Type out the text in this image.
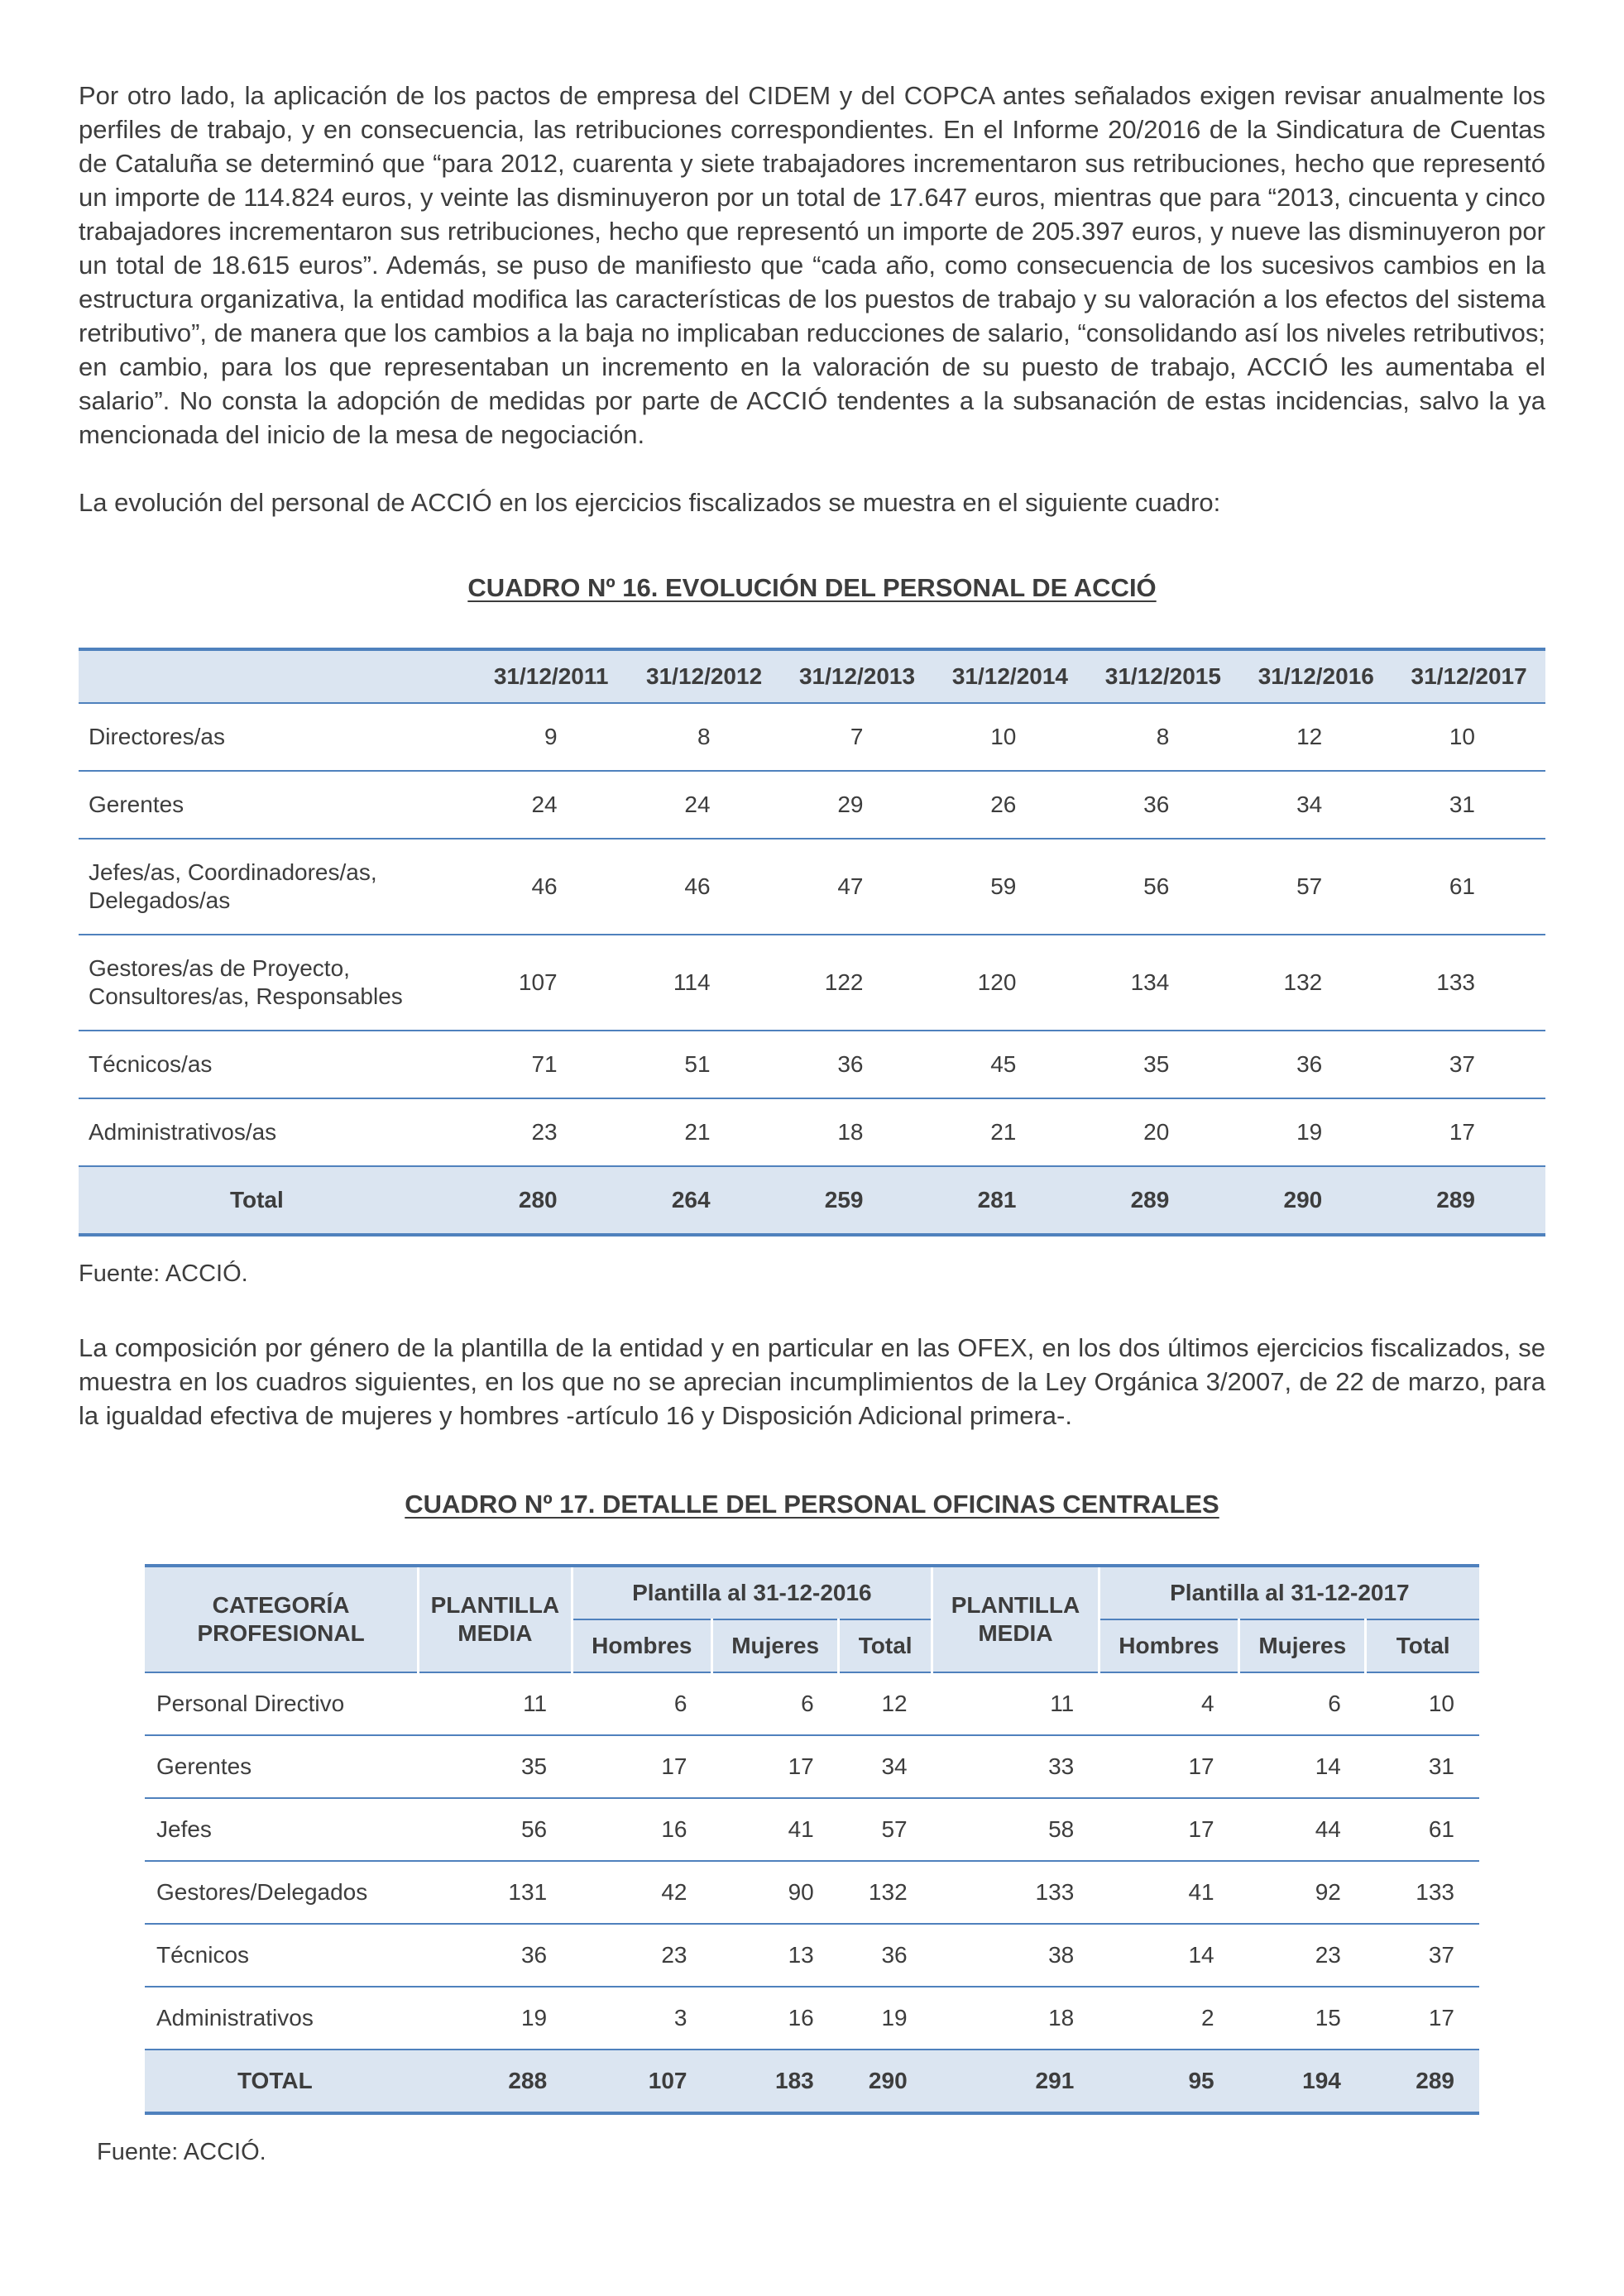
Por otro lado, la aplicación de los pactos de empresa del CIDEM y del COPCA antes señalados exigen revisar anualmente los perfiles de trabajo, y en consecuencia, las retribuciones correspondientes. En el Informe 20/2016 de la Sindicatura de Cuentas de Cataluña se determinó que “para 2012, cuarenta y siete trabajadores incrementaron sus retribuciones, hecho que representó un importe de 114.824 euros, y veinte las disminuyeron por un total de 17.647 euros, mientras que para “2013, cincuenta y cinco trabajadores incrementaron sus retribuciones, hecho que representó un importe de 205.397 euros, y nueve las disminuyeron por un total de 18.615 euros”. Además, se puso de manifiesto que “cada año, como consecuencia de los sucesivos cambios en la estructura organizativa, la entidad modifica las características de los puestos de trabajo y su valoración a los efectos del sistema retributivo”, de manera que los cambios a la baja no implicaban reducciones de salario, “consolidando así los niveles retributivos; en cambio, para los que representaban un incremento en la valoración de su puesto de trabajo, ACCIÓ les aumentaba el salario”. No consta la adopción de medidas por parte de ACCIÓ tendentes a la subsanación de estas incidencias, salvo la ya mencionada del inicio de la mesa de negociación.

La evolución del personal de ACCIÓ en los ejercicios fiscalizados se muestra en el siguiente cuadro:

CUADRO Nº 16. EVOLUCIÓN DEL PERSONAL DE ACCIÓ
	31/12/2011	31/12/2012	31/12/2013	31/12/2014	31/12/2015	31/12/2016	31/12/2017
Directores/as	9	8	7	10	8	12	10
Gerentes	24	24	29	26	36	34	31
Jefes/as, Coordinadores/as, Delegados/as	46	46	47	59	56	57	61
Gestores/as de Proyecto, Consultores/as, Responsables	107	114	122	120	134	132	133
Técnicos/as	71	51	36	45	35	36	37
Administrativos/as	23	21	18	21	20	19	17
Total	280	264	259	281	289	290	289

Fuente: ACCIÓ.

La composición por género de la plantilla de la entidad y en particular en las OFEX, en los dos últimos ejercicios fiscalizados, se muestra en los cuadros siguientes, en los que no se aprecian incumplimientos de la Ley Orgánica 3/2007, de 22 de marzo, para la igualdad efectiva de mujeres y hombres -artículo 16 y Disposición Adicional primera-.

CUADRO Nº 17. DETALLE DEL PERSONAL OFICINAS CENTRALES
CATEGORÍA PROFESIONAL	PLANTILLA MEDIA	Plantilla al 31-12-2016			PLANTILLA MEDIA	Plantilla al 31-12-2017		
		Hombres	Mujeres	Total		Hombres	Mujeres	Total
Personal Directivo	11	6	6	12	11	4	6	10
Gerentes	35	17	17	34	33	17	14	31
Jefes	56	16	41	57	58	17	44	61
Gestores/Delegados	131	42	90	132	133	41	92	133
Técnicos	36	23	13	36	38	14	23	37
Administrativos	19	3	16	19	18	2	15	17
TOTAL	288	107	183	290	291	95	194	289

Fuente: ACCIÓ.
